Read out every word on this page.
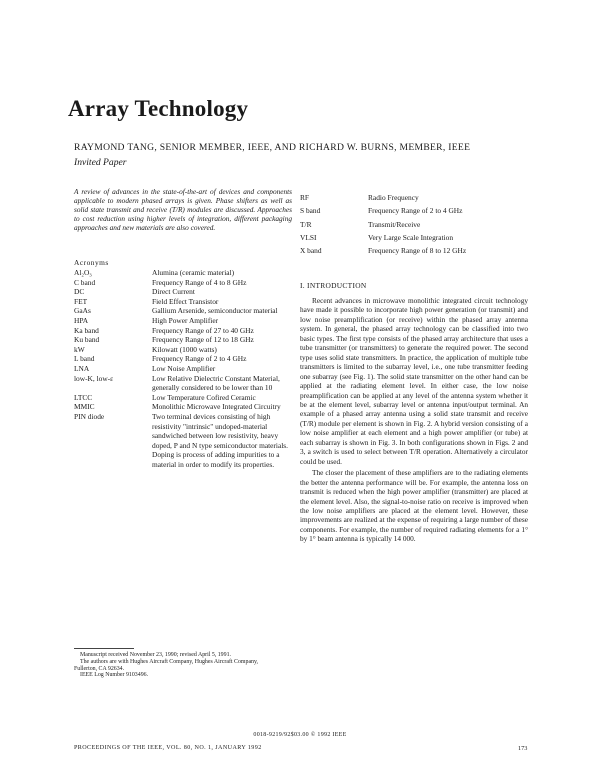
Array Technology
RAYMOND TANG, SENIOR MEMBER, IEEE, AND RICHARD W. BURNS, MEMBER, IEEE
Invited Paper
A review of advances in the state-of-the-art of devices and components applicable to modern phased arrays is given. Phase shifters as well as solid state transmit and receive (T/R) modules are discussed. Approaches to cost reduction using higher levels of integration, different packaging approaches and new materials are also covered.
Acronyms
Al₂O₃	Alumina (ceramic material)
C band	Frequency Range of 4 to 8 GHz
DC	Direct Current
FET	Field Effect Transistor
GaAs	Gallium Arsenide, semiconductor material
HPA	High Power Amplifier
Ka band	Frequency Range of 27 to 40 GHz
Ku band	Frequency Range of 12 to 18 GHz
kW	Kilowatt (1000 watts)
L band	Frequency Range of 2 to 4 GHz
LNA	Low Noise Amplifier
low-K, low-ε	Low Relative Dielectric Constant Material, generally considered to be lower than 10
LTCC	Low Temperature Cofired Ceramic
MMIC	Monolithic Microwave Integrated Circuitry
PIN diode	Two terminal devices consisting of high resistivity "intrinsic" undoped-material sandwiched between low resistivity, heavy doped, P and N type semiconductor materials. Doping is process of adding impurities to a material in order to modify its properties.
RF	Radio Frequency
S band	Frequency Range of 2 to 4 GHz
T/R	Transmit/Receive
VLSI	Very Large Scale Integration
X band	Frequency Range of 8 to 12 GHz
I. INTRODUCTION

Recent advances in microwave monolithic integrated circuit technology have made it possible to incorporate high power generation (or transmit) and low noise preamplification (or receive) within the phased array antenna system. In general, the phased array technology can be classified into two basic types. The first type consists of the phased array architecture that uses a tube transmitter (or transmitters) to generate the required power. The second type uses solid state transmitters. In practice, the application of multiple tube transmitters is limited to the subarray level, i.e., one tube transmitter feeding one subarray (see Fig. 1). The solid state transmitter on the other hand can be applied at the radiating element level. In either case, the low noise preamplification can be applied at any level of the antenna system whether it be at the element level, subarray level or antenna input/output terminal. An example of a phased array antenna using a solid state transmit and receive (T/R) module per element is shown in Fig. 2. A hybrid version consisting of a low noise amplifier at each element and a high power amplifier (or tube) at each subarray is shown in Fig. 3. In both configurations shown in Figs. 2 and 3, a switch is used to select between T/R operation. Alternatively a circulator could be used.

The closer the placement of these amplifiers are to the radiating elements the better the antenna performance will be. For example, the antenna loss on transmit is reduced when the high power amplifier (transmitter) are placed at the element level. Also, the signal-to-noise ratio on receive is improved when the low noise amplifiers are placed at the element level. However, these improvements are realized at the expense of requiring a large number of these components. For example, the number of required radiating elements for a 1° by 1° beam antenna is typically 14 000.

Manuscript received November 23, 1990; revised April 5, 1991.

The authors are with Hughes Aircraft Company, Hughes Aircraft Company, Fullerton, CA 92634.

IEEE Log Number 9103496.

0018-9219/92$03.00 © 1992 IEEE
PROCEEDINGS OF THE IEEE, VOL. 80, NO. 1, JANUARY 1992	173
